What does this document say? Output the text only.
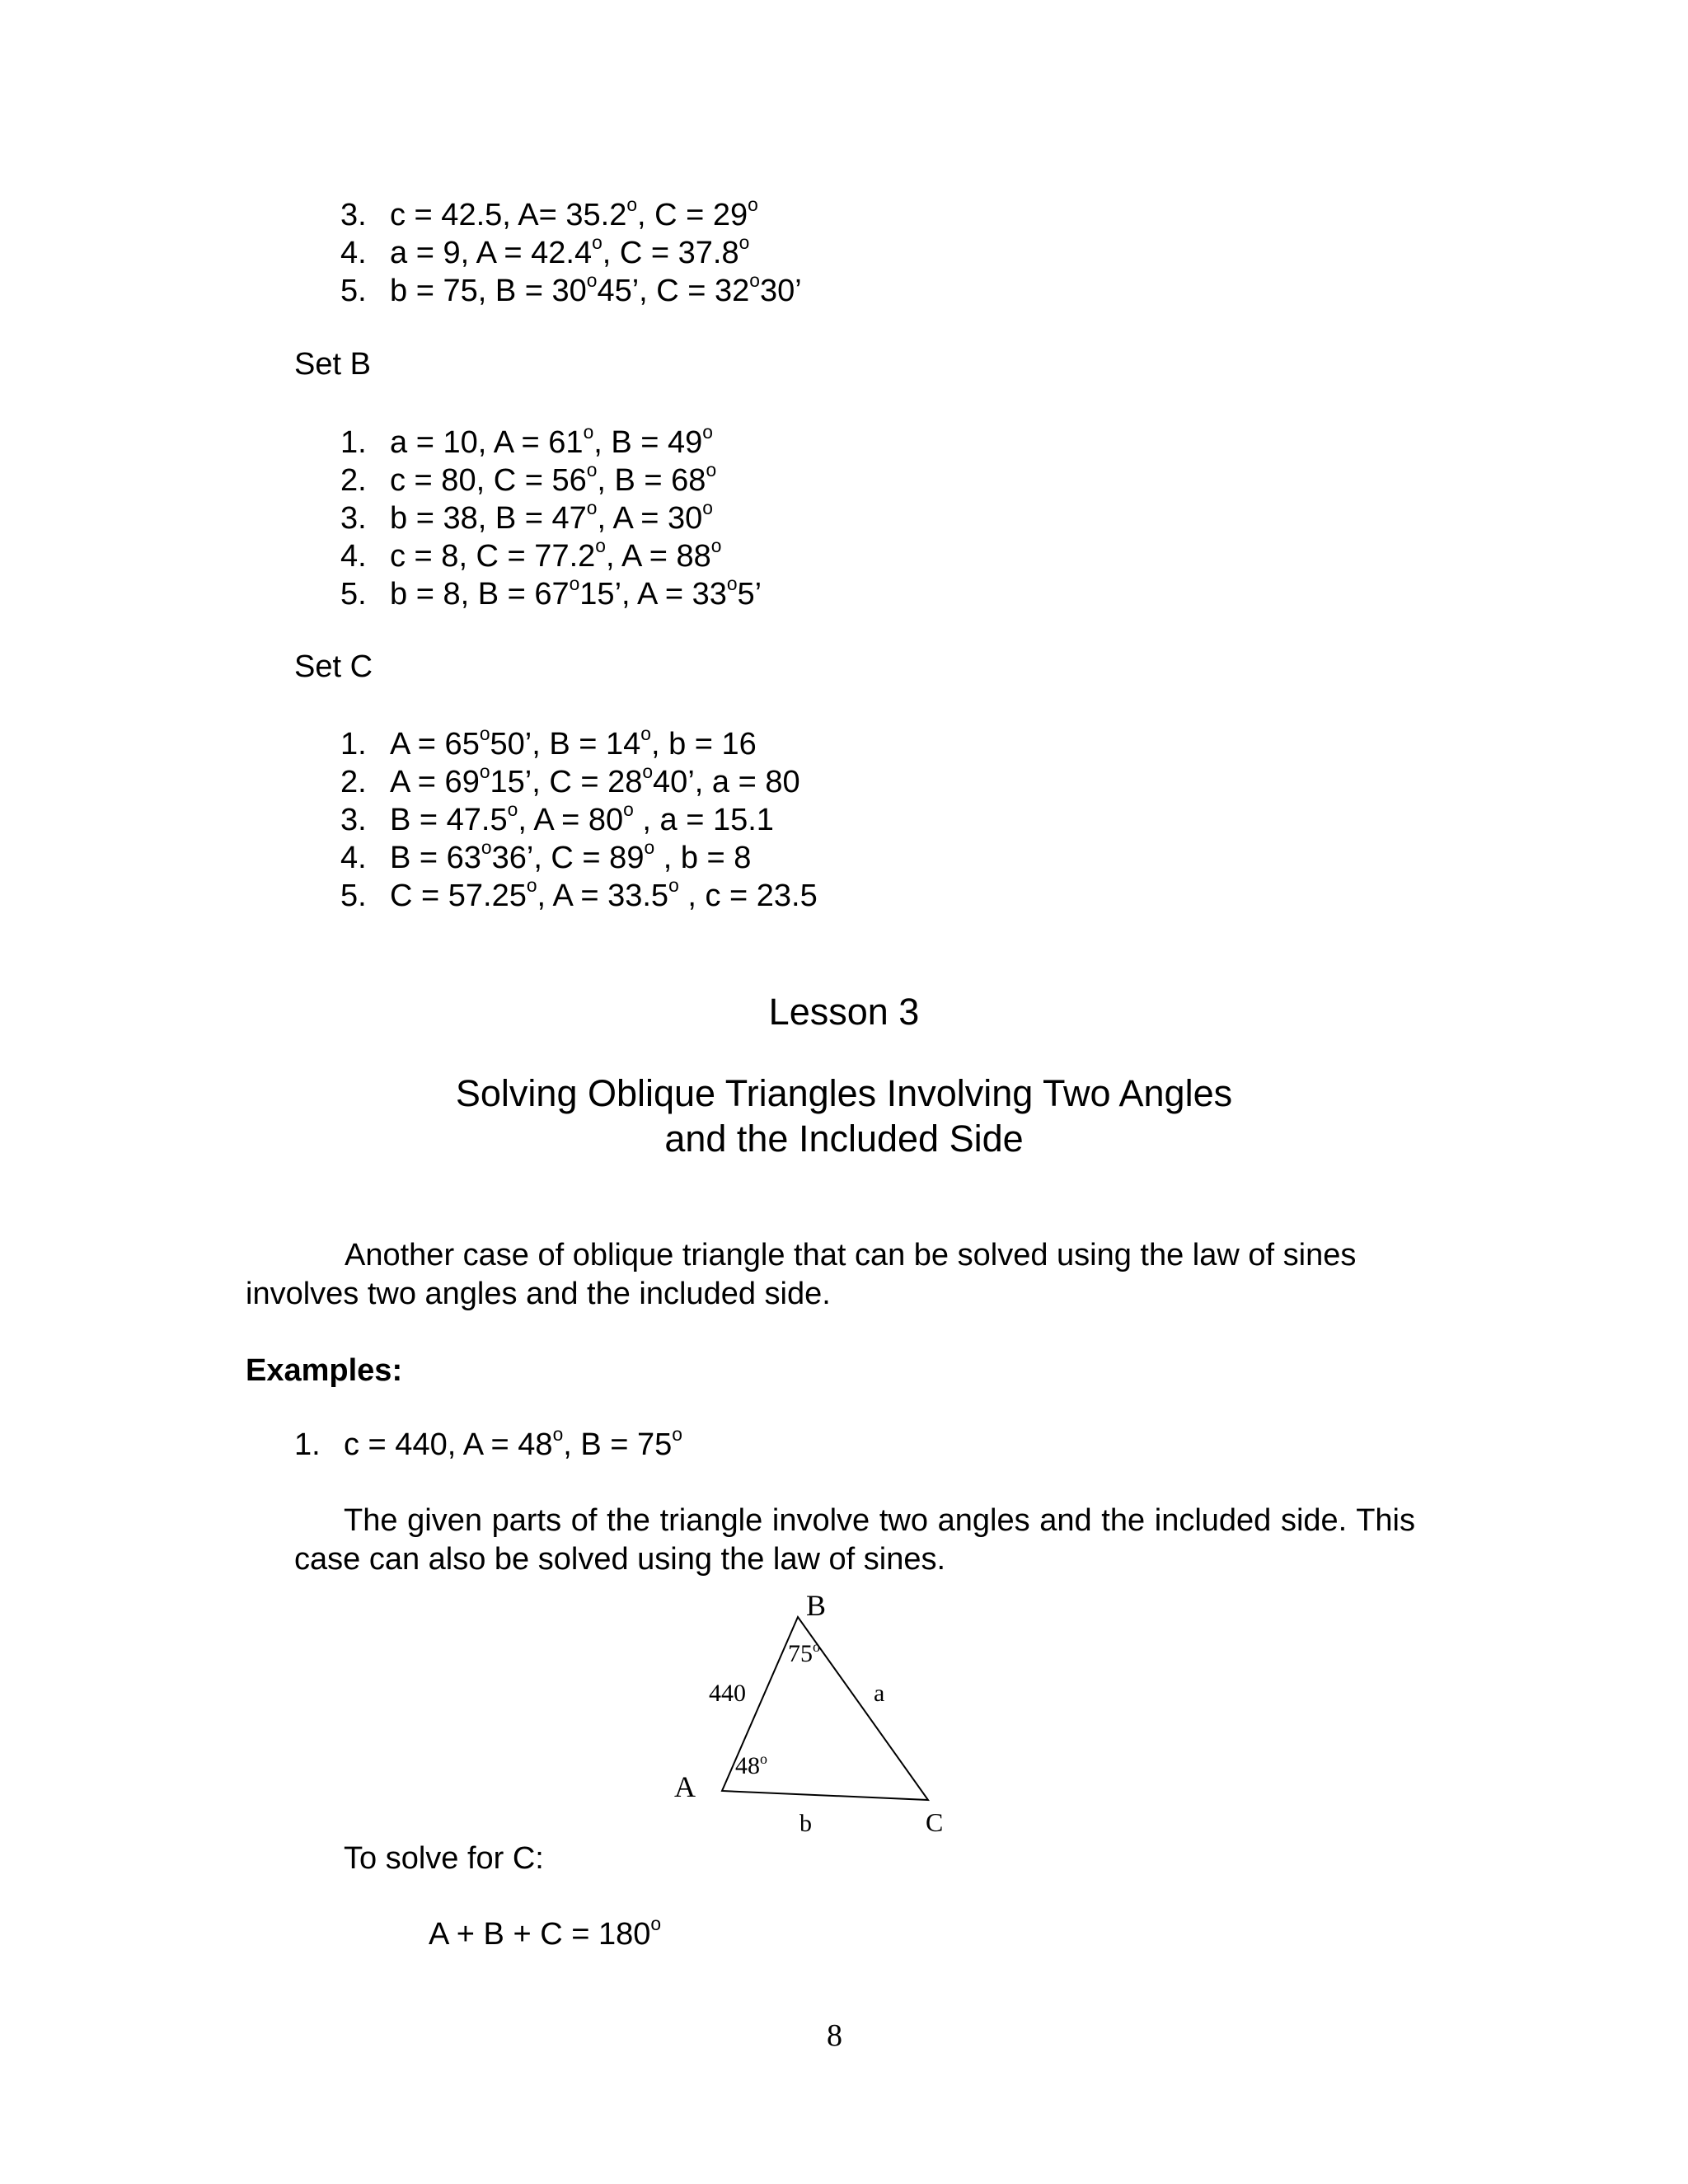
3. c = 42.5, $A= 35.2^o$, $C = 29^o$
4. a = 9, $A = 42.4^o$, $C = 37.8^o$
5. b = 75, $B = 30^o45$’, $C = 32^o30$’
Set B
1. a = 10, $A = 61^o$, $B = 49^o$
2. c = 80, $C = 56^o$, $B = 68^o$
3. b = 38, $B = 47^o$, $A = 30^o$
4. c = 8, $C = 77.2^o$, $A = 88^o$
5. b = 8, $B = 67^o15$’, $A = 33^o5$’
Set C
1. $A = 65^o50$’, $B = 14^o$, b = 16
2. $A = 69^o15$’, $C = 28^o40$’, a = 80
3. $B = 47.5^o$, $A = 80^o$ , a = 15.1
4. $B = 63^o36$’, $C = 89^o$ , b = 8
5. $C = 57.25^o$, $A = 33.5^o$ , c = 23.5
Lesson 3
Solving Oblique Triangles Involving Two Angles
and the Included Side
Another case of oblique triangle that can be solved using the law of sines involves two angles and the included side.
Examples:
1. c = 440, $A = 48^o$, $B = 75^o$
The given parts of the triangle involve two angles and the included side. This case can also be solved using the law of sines.
B
A
C
75$^o$
48$^o$
440	a
b
To solve for C:
$A + B + C = 180^o$
8
